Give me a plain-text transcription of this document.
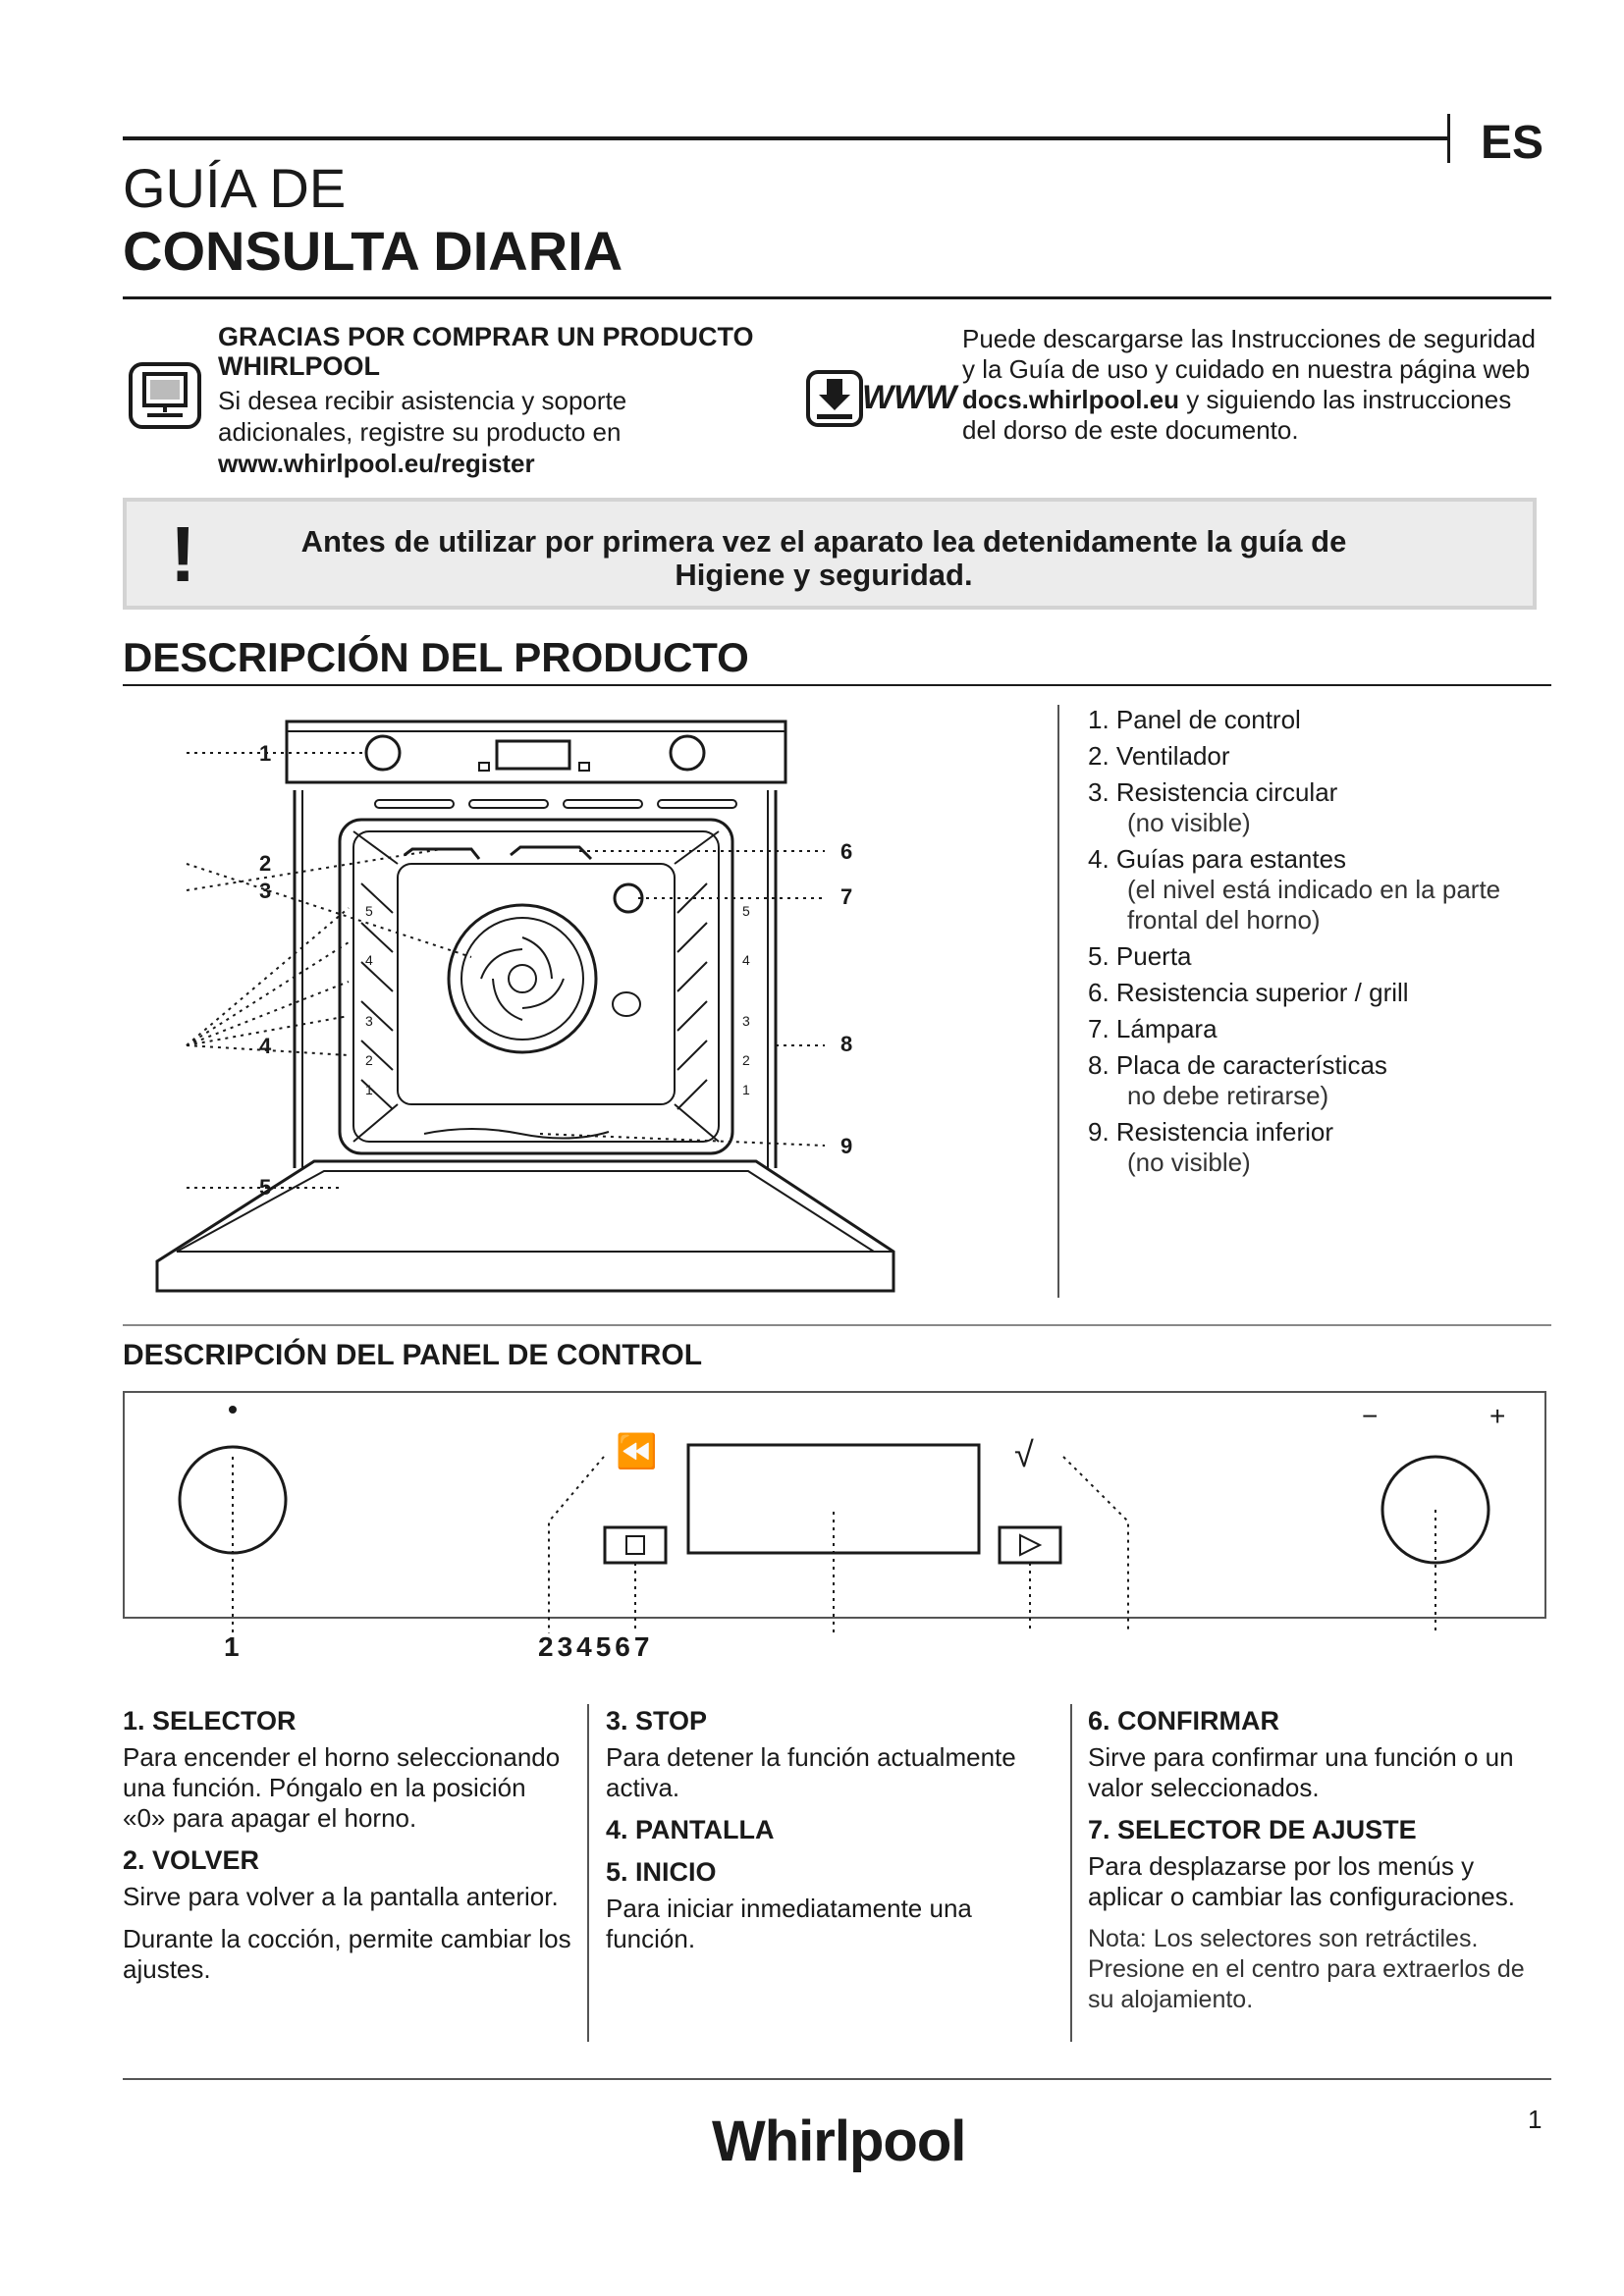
ES
GUÍA DE
CONSULTA DIARIA
GRACIAS POR COMPRAR UN PRODUCTO WHIRLPOOL
Si desea recibir asistencia y soporte adicionales, registre su producto en www.whirlpool.eu/register
WWW
Puede descargarse las Instrucciones de seguridad y la Guía de uso y cuidado en nuestra página web docs.whirlpool.eu y siguiendo las instrucciones del dorso de este documento.
!	Antes de utilizar por primera vez el aparato lea detenidamente la guía de Higiene y seguridad.
DESCRIPCIÓN DEL PRODUCTO
1
2
3
4
5
6
7
8
9
5
4
3
2
1
5
4
3
2
1
1. Panel de control
2. Ventilador
3. Resistencia circular
(no visible)
4. Guías para estantes
(el nivel está indicado en la parte frontal del horno)
5. Puerta
6. Resistencia superior / grill
7. Lámpara
8. Placa de características
no debe retirarse)
9. Resistencia inferior
(no visible)
DESCRIPCIÓN DEL PANEL DE CONTROL
⏪	√
−	+
1	234567
1. SELECTOR
Para encender el horno seleccionando una función. Póngalo en la posición «0» para apagar el horno.
2. VOLVER
Sirve para volver a la pantalla anterior.
Durante la cocción, permite cambiar los ajustes.
3. STOP
Para detener la función actualmente activa.
4. PANTALLA
5. INICIO
Para iniciar inmediatamente una función.
6. CONFIRMAR
Sirve para confirmar una función o un valor seleccionados.
7. SELECTOR DE AJUSTE
Para desplazarse por los menús y aplicar o cambiar las configuraciones.
Nota: Los selectores son retráctiles. Presione en el centro para extraerlos de su alojamiento.
1
Whirlpool
